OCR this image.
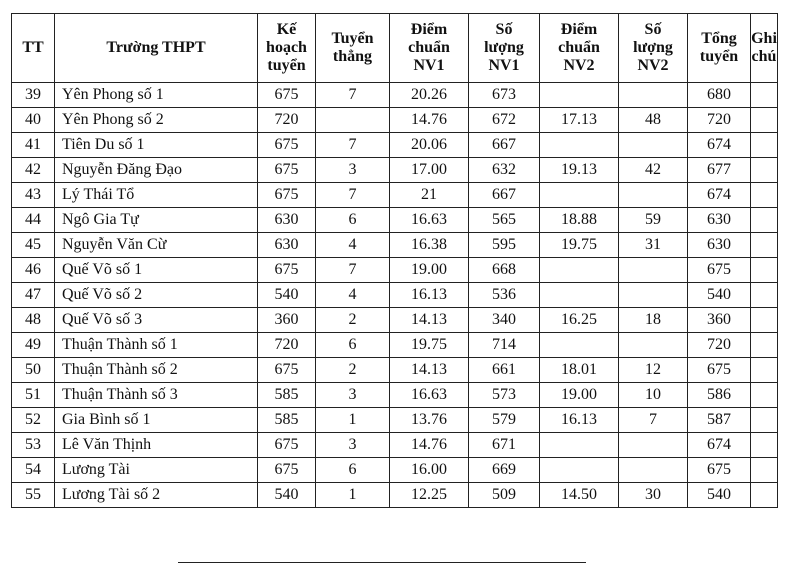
TT	Trường THPT	Kế
hoạch
tuyển	Tuyển
thẳng	Điểm
chuẩn
NV1	Số
lượng
NV1	Điểm
chuẩn
NV2	Số
lượng
NV2	Tổng
tuyển	Ghi
chú
39	Yên Phong số 1	675	7	20.26	673			680	
40	Yên Phong số 2	720		14.76	672	17.13	48	720	
41	Tiên Du số 1	675	7	20.06	667			674	
42	Nguyễn Đăng Đạo	675	3	17.00	632	19.13	42	677	
43	Lý Thái Tổ	675	7	21	667			674	
44	Ngô Gia Tự	630	6	16.63	565	18.88	59	630	
45	Nguyễn Văn Cừ	630	4	16.38	595	19.75	31	630	
46	Quế Võ số 1	675	7	19.00	668			675	
47	Quế Võ số 2	540	4	16.13	536			540	
48	Quế Võ số 3	360	2	14.13	340	16.25	18	360	
49	Thuận Thành số 1	720	6	19.75	714			720	
50	Thuận Thành số 2	675	2	14.13	661	18.01	12	675	
51	Thuận Thành số 3	585	3	16.63	573	19.00	10	586	
52	Gia Bình số 1	585	1	13.76	579	16.13	7	587	
53	Lê Văn Thịnh	675	3	14.76	671			674	
54	Lương Tài	675	6	16.00	669			675	
55	Lương Tài số 2	540	1	12.25	509	14.50	30	540	
